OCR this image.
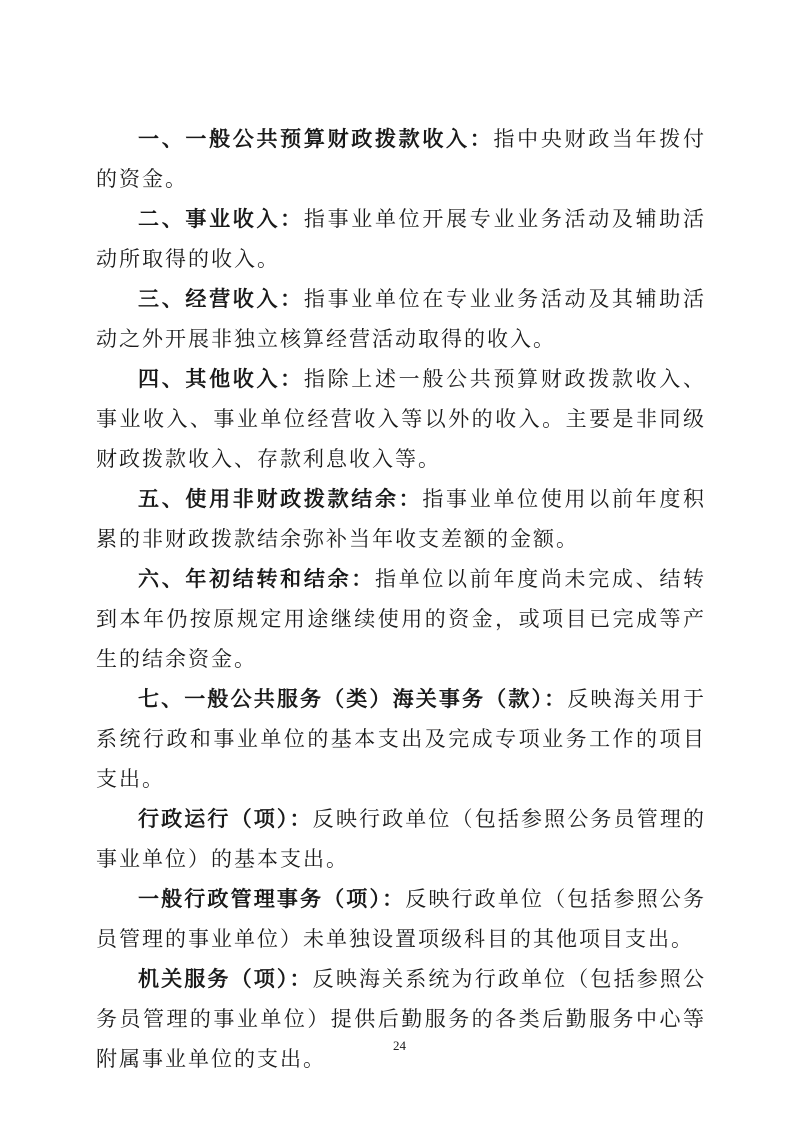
一、一般公共预算财政拨款收入：指中央财政当年拨付的资金。

二、事业收入：指事业单位开展专业业务活动及辅助活动所取得的收入。

三、经营收入：指事业单位在专业业务活动及其辅助活动之外开展非独立核算经营活动取得的收入。

四、其他收入：指除上述一般公共预算财政拨款收入、事业收入、事业单位经营收入等以外的收入。主要是非同级财政拨款收入、存款利息收入等。

五、使用非财政拨款结余：指事业单位使用以前年度积累的非财政拨款结余弥补当年收支差额的金额。

六、年初结转和结余：指单位以前年度尚未完成、结转到本年仍按原规定用途继续使用的资金，或项目已完成等产生的结余资金。

七、一般公共服务（类）海关事务（款）：反映海关用于系统行政和事业单位的基本支出及完成专项业务工作的项目支出。

行政运行（项）：反映行政单位（包括参照公务员管理的事业单位）的基本支出。

一般行政管理事务（项）：反映行政单位（包括参照公务员管理的事业单位）未单独设置项级科目的其他项目支出。

机关服务（项）：反映海关系统为行政单位（包括参照公务员管理的事业单位）提供后勤服务的各类后勤服务中心等附属事业单位的支出。

24
